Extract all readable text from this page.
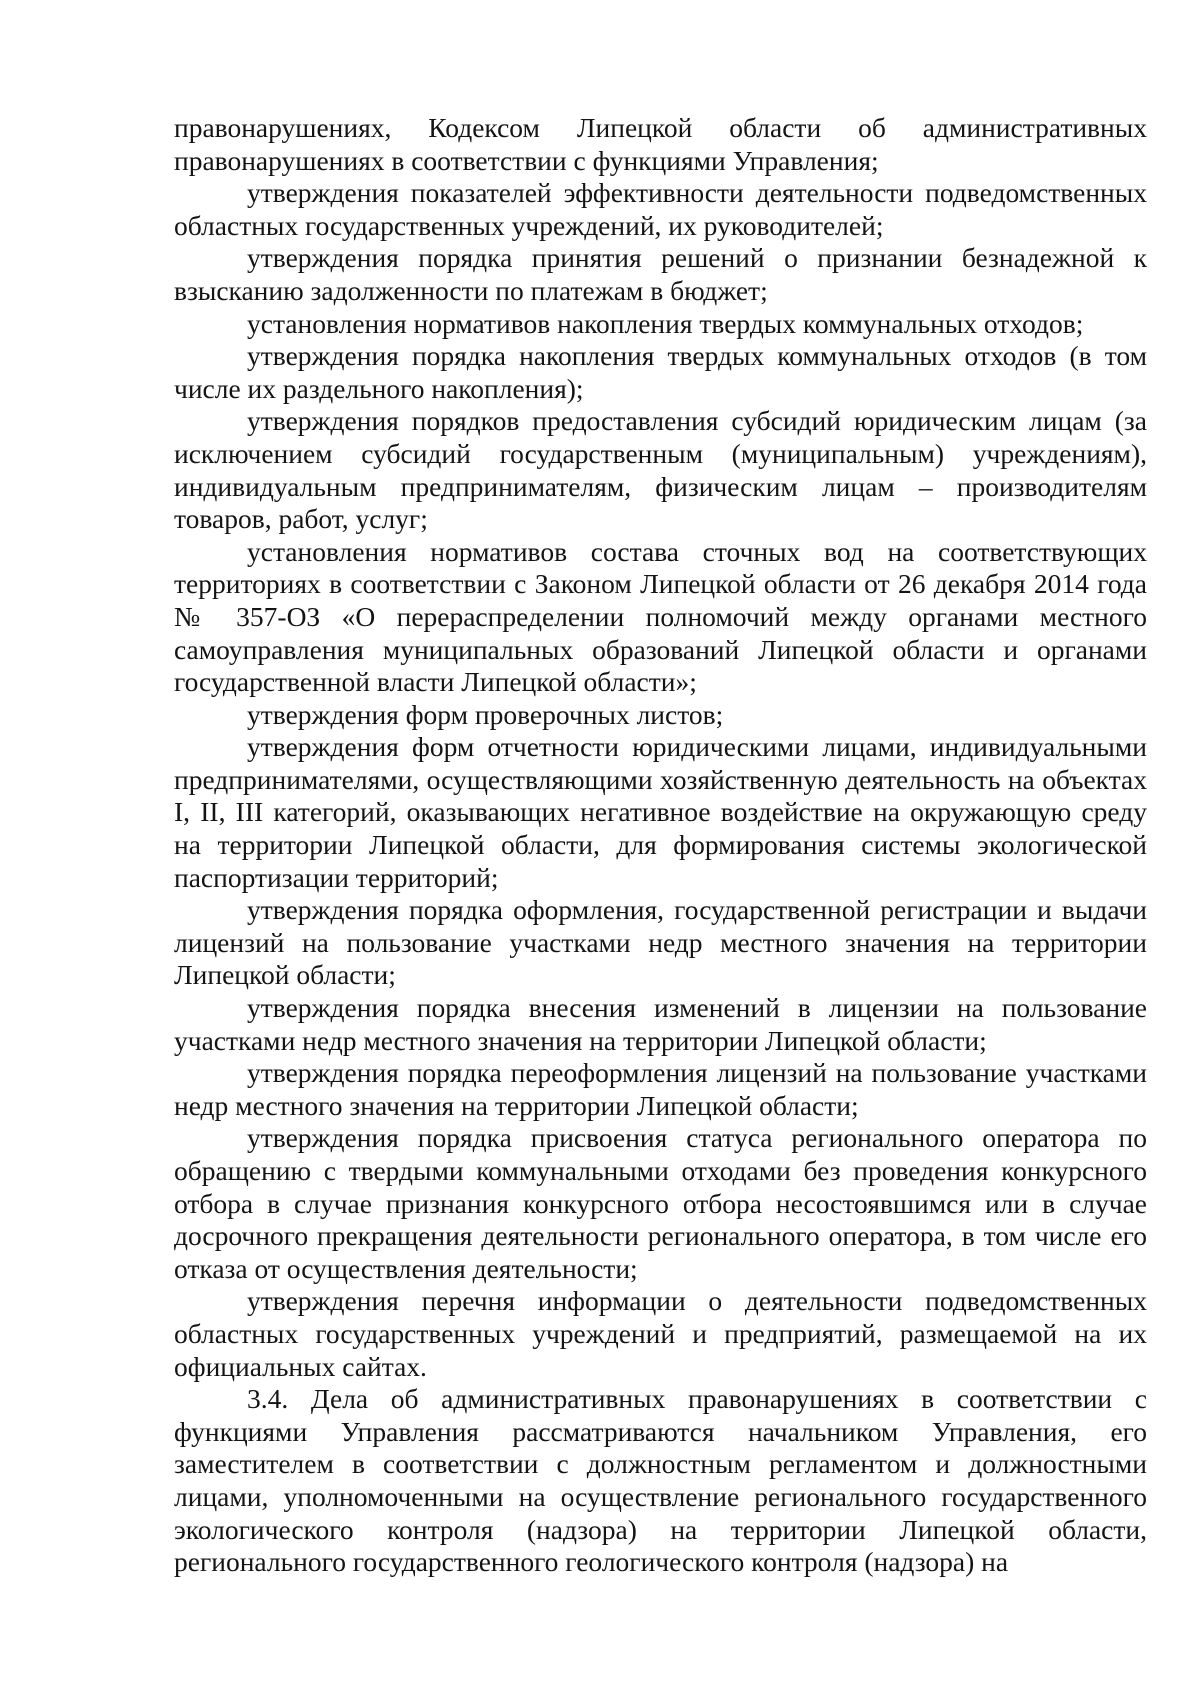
правонарушениях, Кодексом Липецкой области об административных правонарушениях в соответствии с функциями Управления;

утверждения показателей эффективности деятельности подведомственных областных государственных учреждений, их руководителей;

утверждения порядка принятия решений о признании безнадежной к взысканию задолженности по платежам в бюджет;

установления нормативов накопления твердых коммунальных отходов;

утверждения порядка накопления твердых коммунальных отходов (в том числе их раздельного накопления);

утверждения порядков предоставления субсидий юридическим лицам (за исключением субсидий государственным (муниципальным) учреждениям), индивидуальным предпринимателям, физическим лицам – производителям товаров, работ, услуг;

установления нормативов состава сточных вод на соответствующих территориях в соответствии с Законом Липецкой области от 26 декабря 2014 года № 357-ОЗ «О перераспределении полномочий между органами местного самоуправления муниципальных образований Липецкой области и органами государственной власти Липецкой области»;

утверждения форм проверочных листов;

утверждения форм отчетности юридическими лицами, индивидуальными предпринимателями, осуществляющими хозяйственную деятельность на объектах I, II, III категорий, оказывающих негативное воздействие на окружающую среду на территории Липецкой области, для формирования системы экологической паспортизации территорий;

утверждения порядка оформления, государственной регистрации и выдачи лицензий на пользование участками недр местного значения на территории Липецкой области;

утверждения порядка внесения изменений в лицензии на пользование участками недр местного значения на территории Липецкой области;

утверждения порядка переоформления лицензий на пользование участками недр местного значения на территории Липецкой области;

утверждения порядка присвоения статуса регионального оператора по обращению с твердыми коммунальными отходами без проведения конкурсного отбора в случае признания конкурсного отбора несостоявшимся или в случае досрочного прекращения деятельности регионального оператора, в том числе его отказа от осуществления деятельности;

утверждения перечня информации о деятельности подведомственных областных государственных учреждений и предприятий, размещаемой на их официальных сайтах.

3.4. Дела об административных правонарушениях в соответствии с функциями Управления рассматриваются начальником Управления, его заместителем в соответствии с должностным регламентом и должностными лицами, уполномоченными на осуществление регионального государственного экологического контроля (надзора) на территории Липецкой области, регионального государственного геологического контроля (надзора) на
